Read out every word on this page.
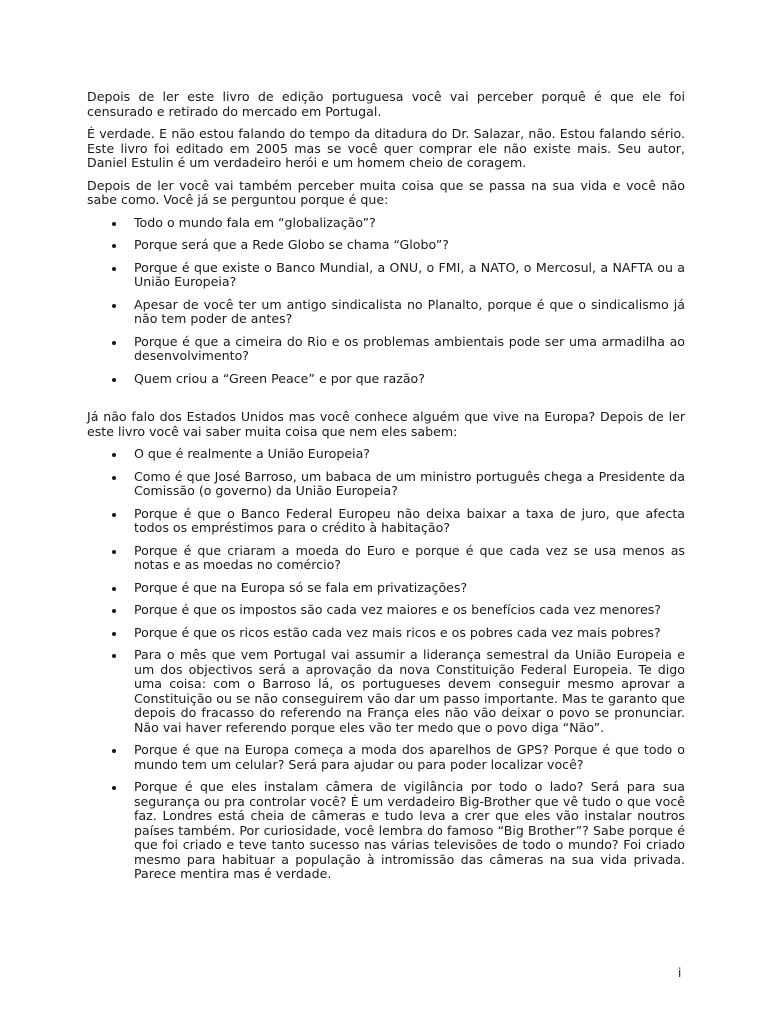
Depois de ler este livro de edição portuguesa você vai perceber porquê é que ele foi censurado e retirado do mercado em Portugal.

É verdade. E não estou falando do tempo da ditadura do Dr. Salazar, não. Estou falando sério. Este livro foi editado em 2005 mas se você quer comprar ele não existe mais. Seu autor, Daniel Estulin é um verdadeiro herói e um homem cheio de coragem.

Depois de ler você vai também perceber muita coisa que se passa na sua vida e você não sabe como. Você já se perguntou porque é que:

Todo o mundo fala em “globalização”?
Porque será que a Rede Globo se chama “Globo”?
Porque é que existe o Banco Mundial, a ONU, o FMI, a NATO, o Mercosul, a NAFTA ou a União Europeia?
Apesar de você ter um antigo sindicalista no Planalto, porque é que o sindicalismo já não tem poder de antes?
Porque é que a cimeira do Rio e os problemas ambientais pode ser uma armadilha ao desenvolvimento?
Quem criou a “Green Peace” e por que razão?

Já não falo dos Estados Unidos mas você conhece alguém que vive na Europa? Depois de ler este livro você vai saber muita coisa que nem eles sabem:

O que é realmente a União Europeia?
Como é que José Barroso, um babaca de um ministro português chega a Presidente da Comissão (o governo) da União Europeia?
Porque é que o Banco Federal Europeu não deixa baixar a taxa de juro, que afecta todos os empréstimos para o crédito à habitação?
Porque é que criaram a moeda do Euro e porque é que cada vez se usa menos as notas e as moedas no comércio?
Porque é que na Europa só se fala em privatizações?
Porque é que os impostos são cada vez maiores e os benefícios cada vez menores?
Porque é que os ricos estão cada vez mais ricos e os pobres cada vez mais pobres?
Para o mês que vem Portugal vai assumir a liderança semestral da União Europeia e um dos objectivos será a aprovação da nova Constituição Federal Europeia. Te digo uma coisa: com o Barroso lá, os portugueses devem conseguir mesmo aprovar a Constituição ou se não conseguirem vão dar um passo importante. Mas te garanto que depois do fracasso do referendo na França eles não vão deixar o povo se pronunciar. Não vai haver referendo porque eles vão ter medo que o povo diga “Não”.
Porque é que na Europa começa a moda dos aparelhos de GPS? Porque é que todo o mundo tem um celular? Será para ajudar ou para poder localizar você?
Porque é que eles instalam câmera de vigilância por todo o lado? Será para sua segurança ou pra controlar você? É um verdadeiro Big-Brother que vê tudo o que você faz. Londres está cheia de câmeras e tudo leva a crer que eles vão instalar noutros países também. Por curiosidade, você lembra do famoso “Big Brother”? Sabe porque é que foi criado e teve tanto sucesso nas várias televisões de todo o mundo? Foi criado mesmo para habituar a população à intromissão das câmeras na sua vida privada. Parece mentira mas é verdade.
i
